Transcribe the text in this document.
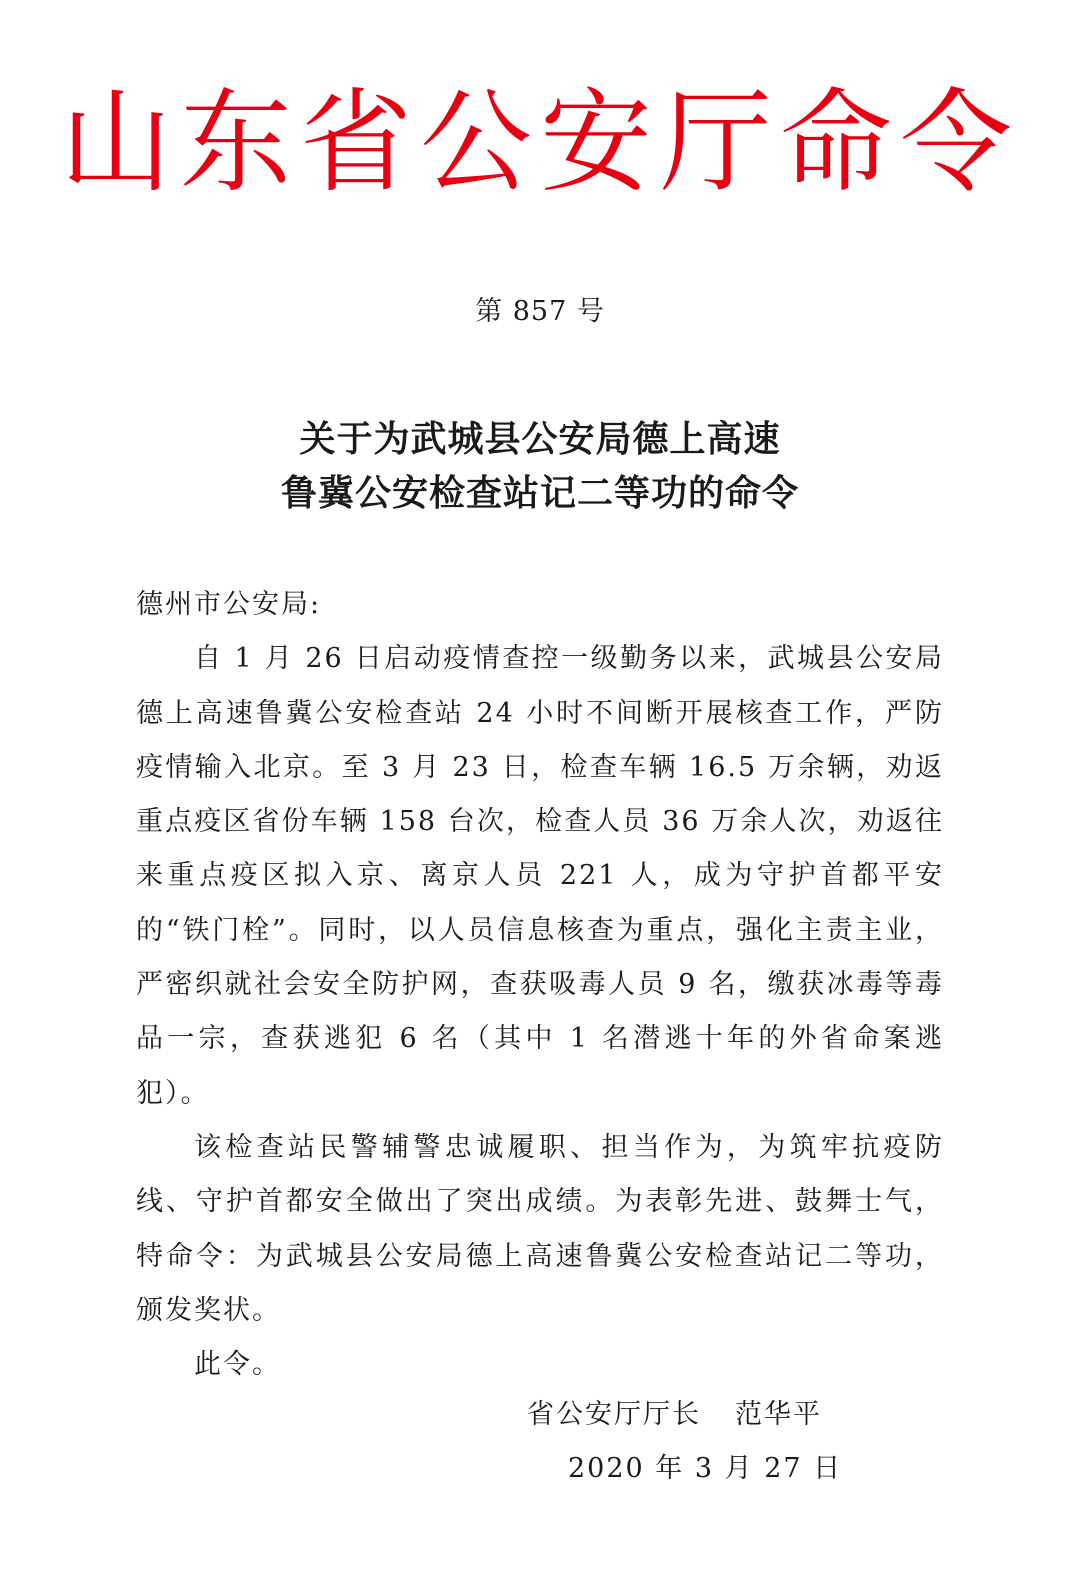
山东省公安厅命令
第 857 号
关于为武城县公安局德上高速
鲁冀公安检查站记二等功的命令

德州市公安局:

自 1 月 26 日启动疫情查控一级勤务以来，武城县公安局德上高速鲁冀公安检查站 24 小时不间断开展核查工作，严防疫情输入北京。至 3 月 23 日，检查车辆 16.5 万余辆，劝返重点疫区省份车辆 158 台次，检查人员 36 万余人次，劝返往来重点疫区拟入京、离京人员 221 人，成为守护首都平安的“铁门栓”。同时，以人员信息核查为重点，强化主责主业，严密织就社会安全防护网，查获吸毒人员 9 名，缴获冰毒等毒品一宗，查获逃犯 6 名（其中 1 名潜逃十年的外省命案逃犯）。

该检查站民警辅警忠诚履职、担当作为，为筑牢抗疫防线、守护首都安全做出了突出成绩。为表彰先进、鼓舞士气，特命令：为武城县公安局德上高速鲁冀公安检查站记二等功，颁发奖状。

此令。

省公安厅厅长 范华平
2020 年 3 月 27 日
